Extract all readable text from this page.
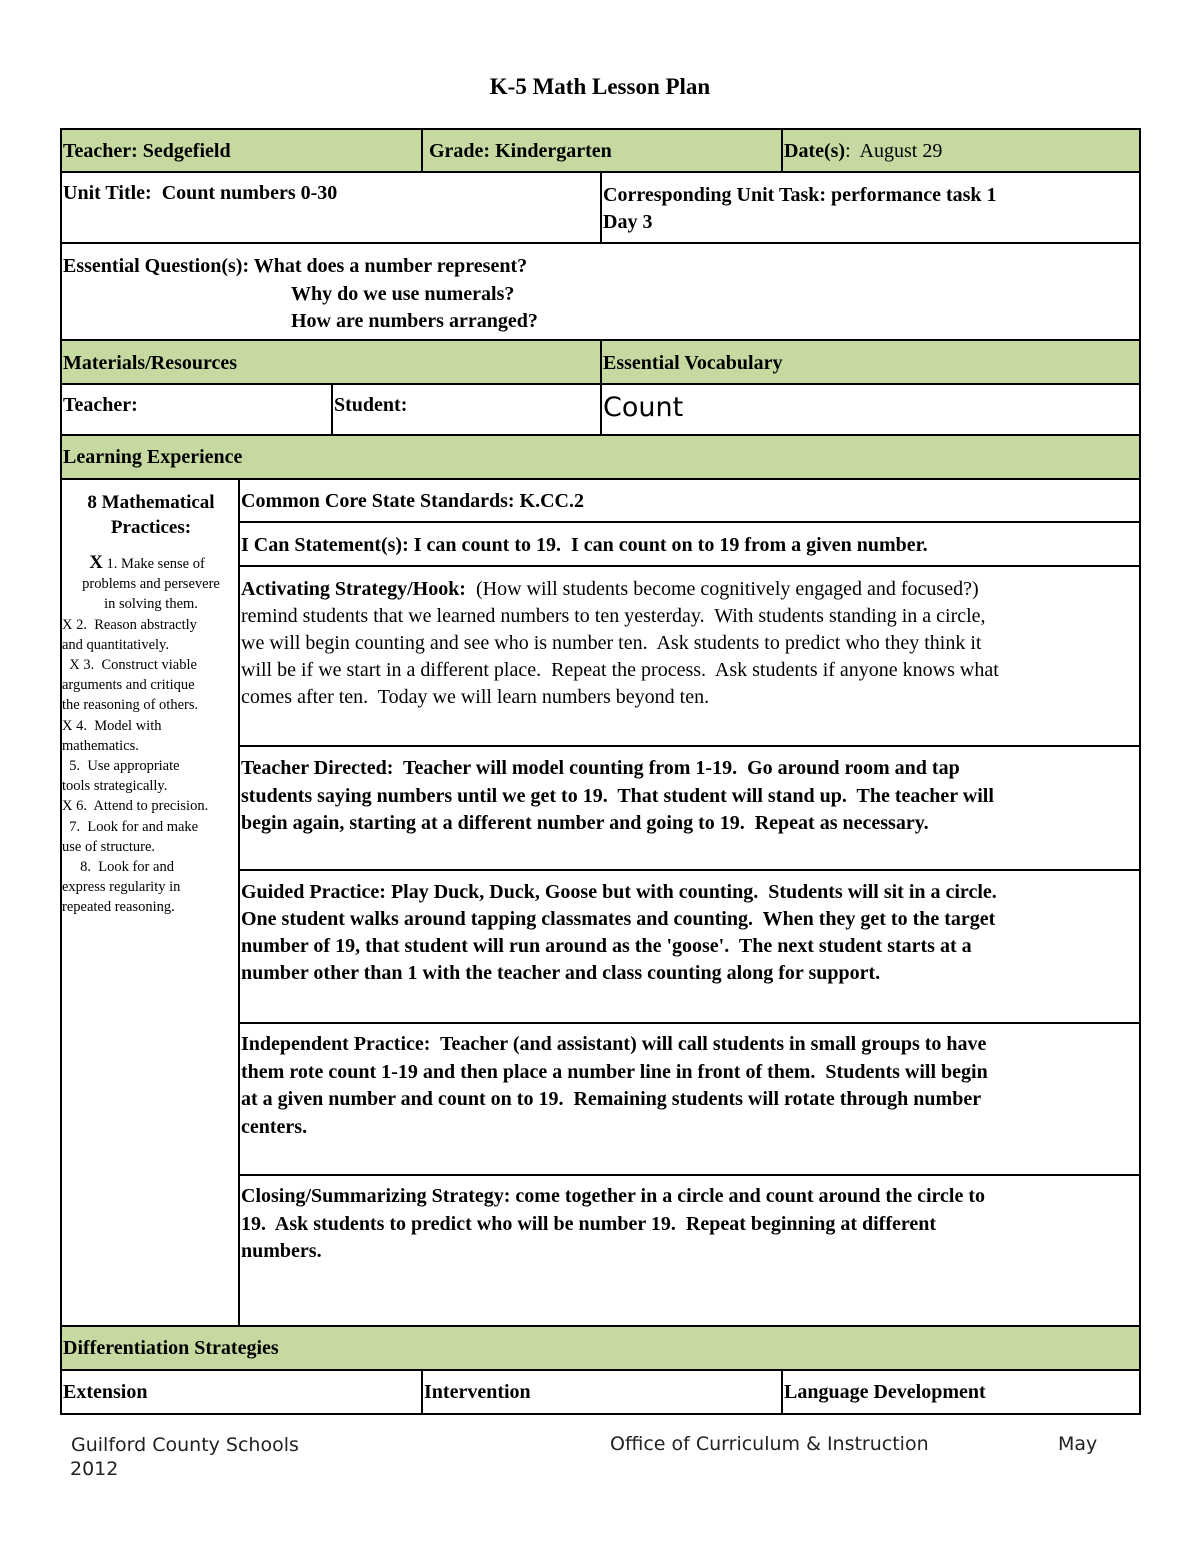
K-5 Math Lesson Plan
Teacher: Sedgefield	Grade: Kindergarten	Date(s):  August 29
Unit Title:  Count numbers 0-30	Corresponding Unit Task: performance task 1
Day 3
Essential Question(s): What does a number represent?
Why do we use numerals?
How are numbers arranged?
Materials/Resources	Essential Vocabulary
Teacher:	Student:	Count
Learning Experience
8 Mathematical
Practices:
X 1. Make sense of
problems and persevere
in solving them.
X 2.  Reason abstractly
and quantitatively.
X 3.  Construct viable
arguments and critique
the reasoning of others.
X 4.  Model with
mathematics.
5.  Use appropriate
tools strategically.
X 6.  Attend to precision.
7.  Look for and make
use of structure.
8.  Look for and
express regularity in
repeated reasoning.
Common Core State Standards: K.CC.2
I Can Statement(s): I can count to 19.  I can count on to 19 from a given number.
Activating Strategy/Hook:  (How will students become cognitively engaged and focused?)
remind students that we learned numbers to ten yesterday.  With students standing in a circle,
we will begin counting and see who is number ten.  Ask students to predict who they think it
will be if we start in a different place.  Repeat the process.  Ask students if anyone knows what
comes after ten.  Today we will learn numbers beyond ten.
Teacher Directed:  Teacher will model counting from 1-19.  Go around room and tap
students saying numbers until we get to 19.  That student will stand up.  The teacher will
begin again, starting at a different number and going to 19.  Repeat as necessary.
Guided Practice: Play Duck, Duck, Goose but with counting.  Students will sit in a circle.
One student walks around tapping classmates and counting.  When they get to the target
number of 19, that student will run around as the 'goose'.  The next student starts at a
number other than 1 with the teacher and class counting along for support.
Independent Practice:  Teacher (and assistant) will call students in small groups to have
them rote count 1-19 and then place a number line in front of them.  Students will begin
at a given number and count on to 19.  Remaining students will rotate through number
centers.
Closing/Summarizing Strategy: come together in a circle and count around the circle to
19.  Ask students to predict who will be number 19.  Repeat beginning at different
numbers.
Differentiation Strategies
Extension	Intervention	Language Development
Guilford County Schools
2012
Office of Curriculum & Instruction	May
